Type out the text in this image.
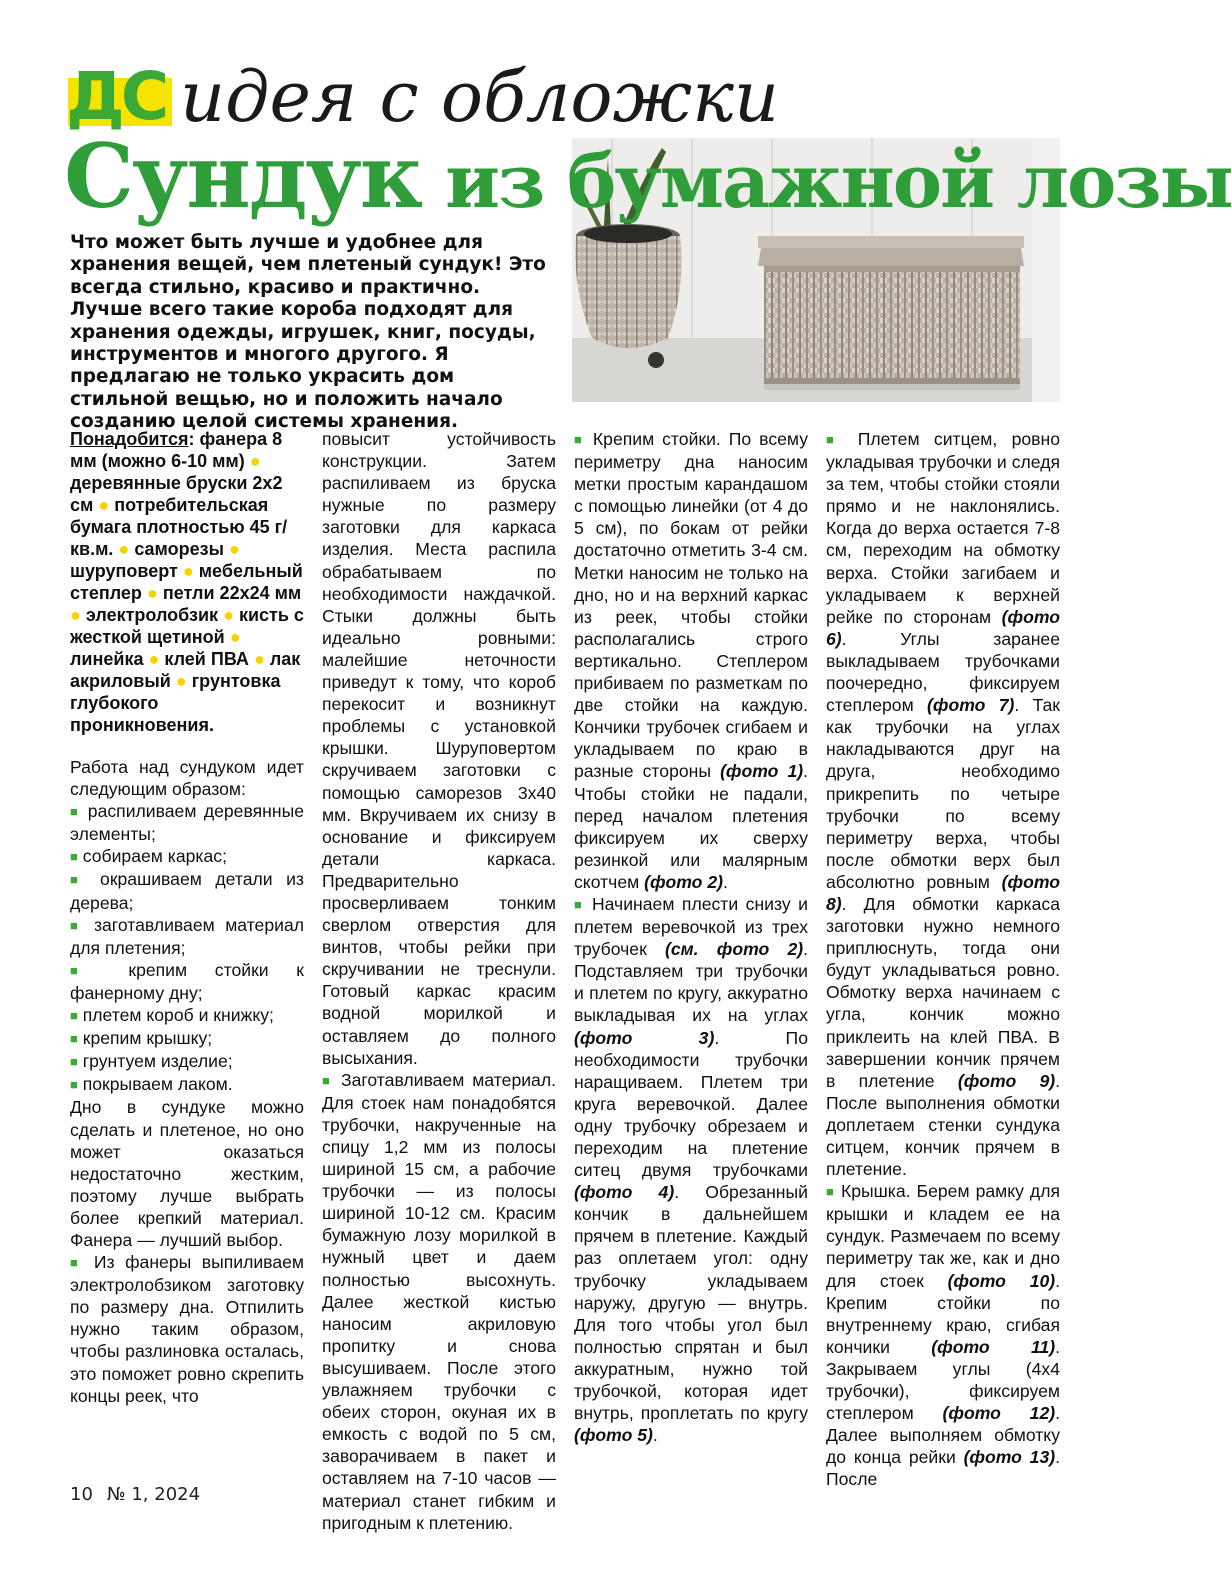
ДС идея с обложки
Сундук из бумажной лозы

Что может быть лучше и удобнее для хранения вещей, чем плетеный сундук! Это всегда стильно, красиво и практично. Лучше всего такие короба подходят для хранения одежды, игрушек, книг, посуды, инструментов и многого другого. Я предлагаю не только украсить дом стильной вещью, но и положить начало созданию целой системы хранения.

Понадобится: фанера 8 мм (можно 6-10 мм) ● деревянные бруски 2х2 см ● потребительская бумага плотностью 45 г/кв.м. ● саморезы ● шуруповерт ● мебельный степлер ● петли 22х24 мм ● электролобзик ● кисть с жесткой щетиной ● линейка ● клей ПВА ● лак акриловый ● грунтовка глубокого проникновения.

Работа над сундуком идет следующим образом:

■ распиливаем деревянные элементы;

■ собираем каркас;

■ окрашиваем детали из дерева;

■ заготавливаем материал для плетения;

■ крепим стойки к фанерному дну;

■ плетем короб и книжку;

■ крепим крышку;

■ грунтуем изделие;

■ покрываем лаком.

Дно в сундуке можно сделать и плетеное, но оно может оказаться недостаточно жестким, поэтому лучше выбрать более крепкий материал. Фанера — лучший выбор.

■ Из фанеры выпиливаем электролобзиком заготовку по размеру дна. Отпилить нужно таким образом, чтобы разлиновка осталась, это поможет ровно скрепить концы реек, что

повысит устойчивость конструкции. Затем распиливаем из бруска нужные по размеру заготовки для каркаса изделия. Места распила обрабатываем по необходимости наждачкой. Стыки должны быть идеально ровными: малейшие неточности приведут к тому, что короб перекосит и возникнут проблемы с установкой крышки. Шуруповертом скручиваем заготовки с помощью саморезов 3х40 мм. Вкручиваем их снизу в основание и фиксируем детали каркаса. Предварительно просверливаем тонким сверлом отверстия для винтов, чтобы рейки при скручивании не треснули. Готовый каркас красим водной морилкой и оставляем до полного высыхания.

■ Заготавливаем материал. Для стоек нам понадобятся трубочки, накрученные на спицу 1,2 мм из полосы шириной 15 см, а рабочие трубочки — из полосы шириной 10-12 см. Красим бумажную лозу морилкой в нужный цвет и даем полностью высохнуть. Далее жесткой кистью наносим акриловую пропитку и снова высушиваем. После этого увлажняем трубочки с обеих сторон, окуная их в емкость с водой по 5 см, заворачиваем в пакет и оставляем на 7-10 часов — материал станет гибким и пригодным к плетению.

■ Крепим стойки. По всему периметру дна наносим метки простым карандашом с помощью линейки (от 4 до 5 см), по бокам от рейки достаточно отметить 3-4 см. Метки наносим не только на дно, но и на верхний каркас из реек, чтобы стойки располагались строго вертикально. Степлером прибиваем по разметкам по две стойки на каждую. Кончики трубочек сгибаем и укладываем по краю в разные стороны (фото 1). Чтобы стойки не падали, перед началом плетения фиксируем их сверху резинкой или малярным скотчем (фото 2).

■ Начинаем плести снизу и плетем веревочкой из трех трубочек (см. фото 2). Подставляем три трубочки и плетем по кругу, аккуратно выкладывая их на углах (фото 3). По необходимости трубочки наращиваем. Плетем три круга веревочкой. Далее одну трубочку обрезаем и переходим на плетение ситец двумя трубочками (фото 4). Обрезанный кончик в дальнейшем прячем в плетение. Каждый раз оплетаем угол: одну трубочку укладываем наружу, другую — внутрь. Для того чтобы угол был полностью спрятан и был аккуратным, нужно той трубочкой, которая идет внутрь, проплетать по кругу (фото 5).

■ Плетем ситцем, ровно укладывая трубочки и следя за тем, чтобы стойки стояли прямо и не наклонялись. Когда до верха остается 7-8 см, переходим на обмотку верха. Стойки загибаем и укладываем к верхней рейке по сторонам (фото 6). Углы заранее выкладываем трубочками поочередно, фиксируем степлером (фото 7). Так как трубочки на углах накладываются друг на друга, необходимо прикрепить по четыре трубочки по всему периметру верха, чтобы после обмотки верх был абсолютно ровным (фото 8). Для обмотки каркаса заготовки нужно немного приплюснуть, тогда они будут укладываться ровно. Обмотку верха начинаем с угла, кончик можно приклеить на клей ПВА. В завершении кончик прячем в плетение (фото 9). После выполнения обмотки доплетаем стенки сундука ситцем, кончик прячем в плетение.

■ Крышка. Берем рамку для крышки и кладем ее на сундук. Размечаем по всему периметру так же, как и дно для стоек (фото 10). Крепим стойки по внутреннему краю, сгибая кончики (фото 11). Закрываем углы (4х4 трубочки), фиксируем степлером (фото 12). Далее выполняем обмотку до конца рейки (фото 13). После

10 № 1, 2024
